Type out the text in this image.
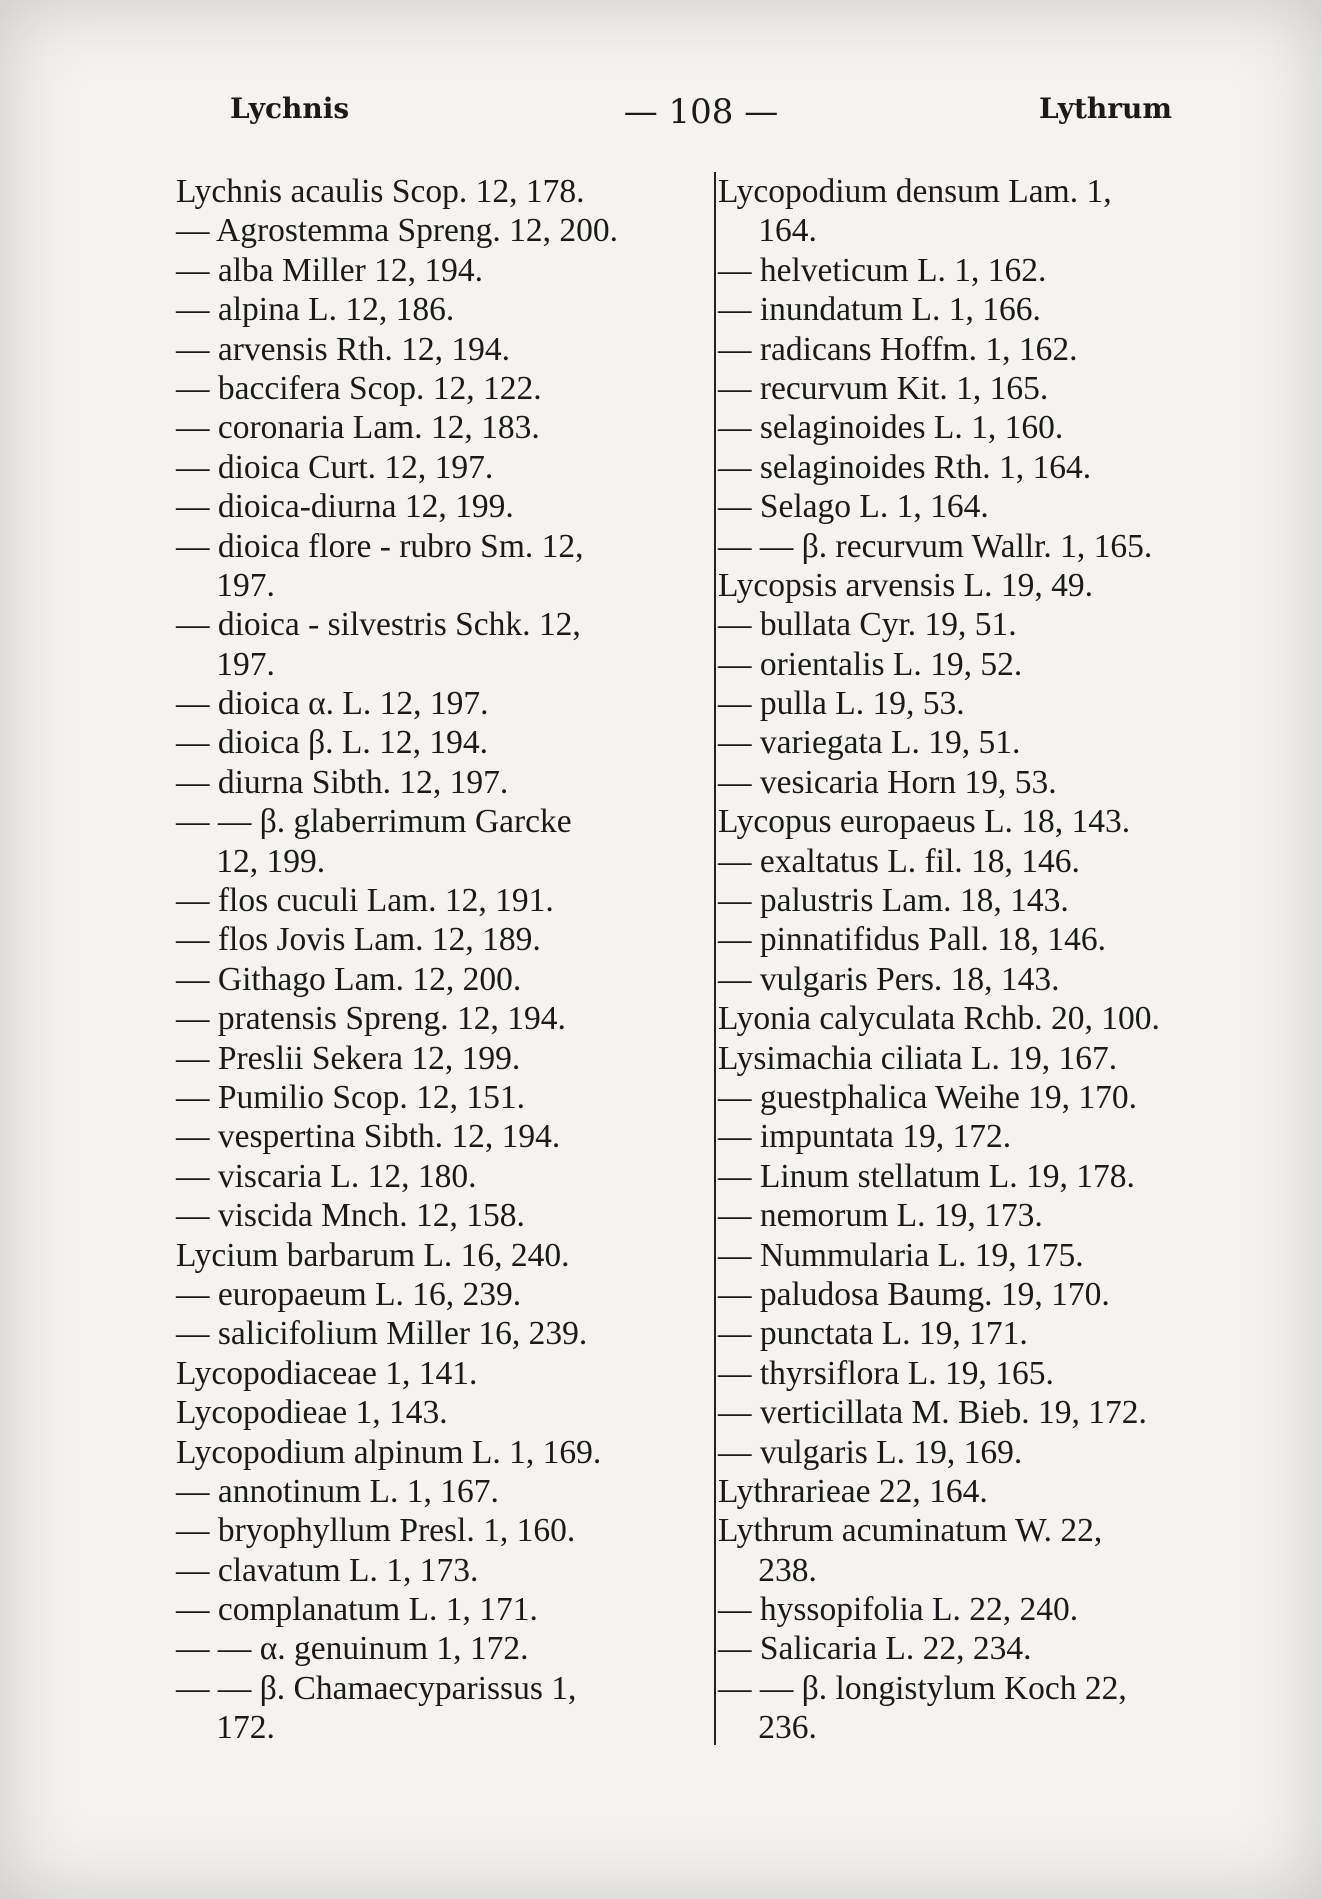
Lychnis	— 108 —	Lythrum
Lychnis acaulis Scop. 12, 178.
— Agrostemma Spreng. 12, 200.
— alba Miller 12, 194.
— alpina L. 12, 186.
— arvensis Rth. 12, 194.
— baccifera Scop. 12, 122.
— coronaria Lam. 12, 183.
— dioica Curt. 12, 197.
— dioica-diurna 12, 199.
— dioica flore - rubro Sm. 12,
197.
— dioica - silvestris Schk. 12,
197.
— dioica α. L. 12, 197.
— dioica β. L. 12, 194.
— diurna Sibth. 12, 197.
— — β. glaberrimum Garcke
12, 199.
— flos cuculi Lam. 12, 191.
— flos Jovis Lam. 12, 189.
— Githago Lam. 12, 200.
— pratensis Spreng. 12, 194.
— Preslii Sekera 12, 199.
— Pumilio Scop. 12, 151.
— vespertina Sibth. 12, 194.
— viscaria L. 12, 180.
— viscida Mnch. 12, 158.
Lycium barbarum L. 16, 240.
— europaeum L. 16, 239.
— salicifolium Miller 16, 239.
Lycopodiaceae 1, 141.
Lycopodieae 1, 143.
Lycopodium alpinum L. 1, 169.
— annotinum L. 1, 167.
— bryophyllum Presl. 1, 160.
— clavatum L. 1, 173.
— complanatum L. 1, 171.
— — α. genuinum 1, 172.
— — β. Chamaecyparissus 1,
172.
Lycopodium densum Lam. 1,
164.
— helveticum L. 1, 162.
— inundatum L. 1, 166.
— radicans Hoffm. 1, 162.
— recurvum Kit. 1, 165.
— selaginoides L. 1, 160.
— selaginoides Rth. 1, 164.
— Selago L. 1, 164.
— — β. recurvum Wallr. 1, 165.
Lycopsis arvensis L. 19, 49.
— bullata Cyr. 19, 51.
— orientalis L. 19, 52.
— pulla L. 19, 53.
— variegata L. 19, 51.
— vesicaria Horn 19, 53.
Lycopus europaeus L. 18, 143.
— exaltatus L. fil. 18, 146.
— palustris Lam. 18, 143.
— pinnatifidus Pall. 18, 146.
— vulgaris Pers. 18, 143.
Lyonia calyculata Rchb. 20, 100.
Lysimachia ciliata L. 19, 167.
— guestphalica Weihe 19, 170.
— impuntata 19, 172.
— Linum stellatum L. 19, 178.
— nemorum L. 19, 173.
— Nummularia L. 19, 175.
— paludosa Baumg. 19, 170.
— punctata L. 19, 171.
— thyrsiflora L. 19, 165.
— verticillata M. Bieb. 19, 172.
— vulgaris L. 19, 169.
Lythrarieae 22, 164.
Lythrum acuminatum W. 22,
238.
— hyssopifolia L. 22, 240.
— Salicaria L. 22, 234.
— — β. longistylum Koch 22,
236.
